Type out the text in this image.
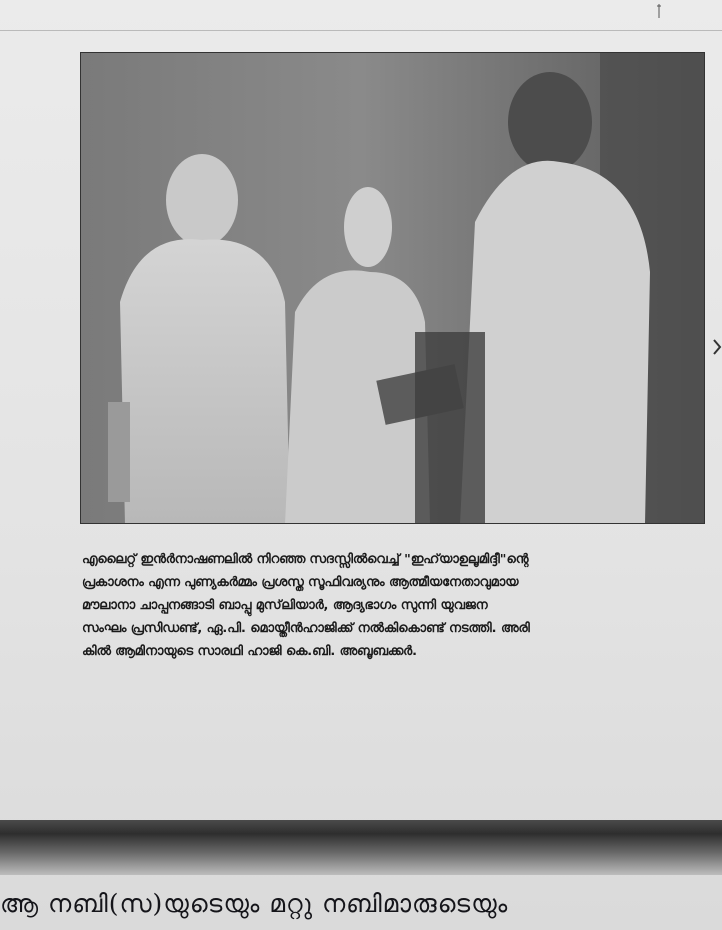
എലൈറ്റ് ഇൻർനാഷണലിൽ നിറഞ്ഞ സദസ്സിൽവെച്ച് "ഇഹ്‌യാഉലൂമിദ്ദീ"ന്റെ
പ്രകാശനം എന്ന പുണ്യകർമ്മം പ്രശസ്ത സൂഫിവര്യനും ആത്മീയനേതാവുമായ
മൗലാനാ ചാപ്പനങ്ങാടി ബാപ്പു മുസ്‌ലിയാർ, ആദ്യഭാഗം സുന്നി യുവജന
സംഘം പ്രസിഡണ്ട്, ഏ.പി. മൊയ്തീൻഹാജിക്ക് നൽകികൊണ്ട് നടത്തി. അരി
കിൽ ആമിനായുടെ സാരഥി ഹാജി കെ.ബി. അബൂബക്കർ.
ആ നബി(സ)യുടെയും മറ്റു നബിമാരുടെയും
